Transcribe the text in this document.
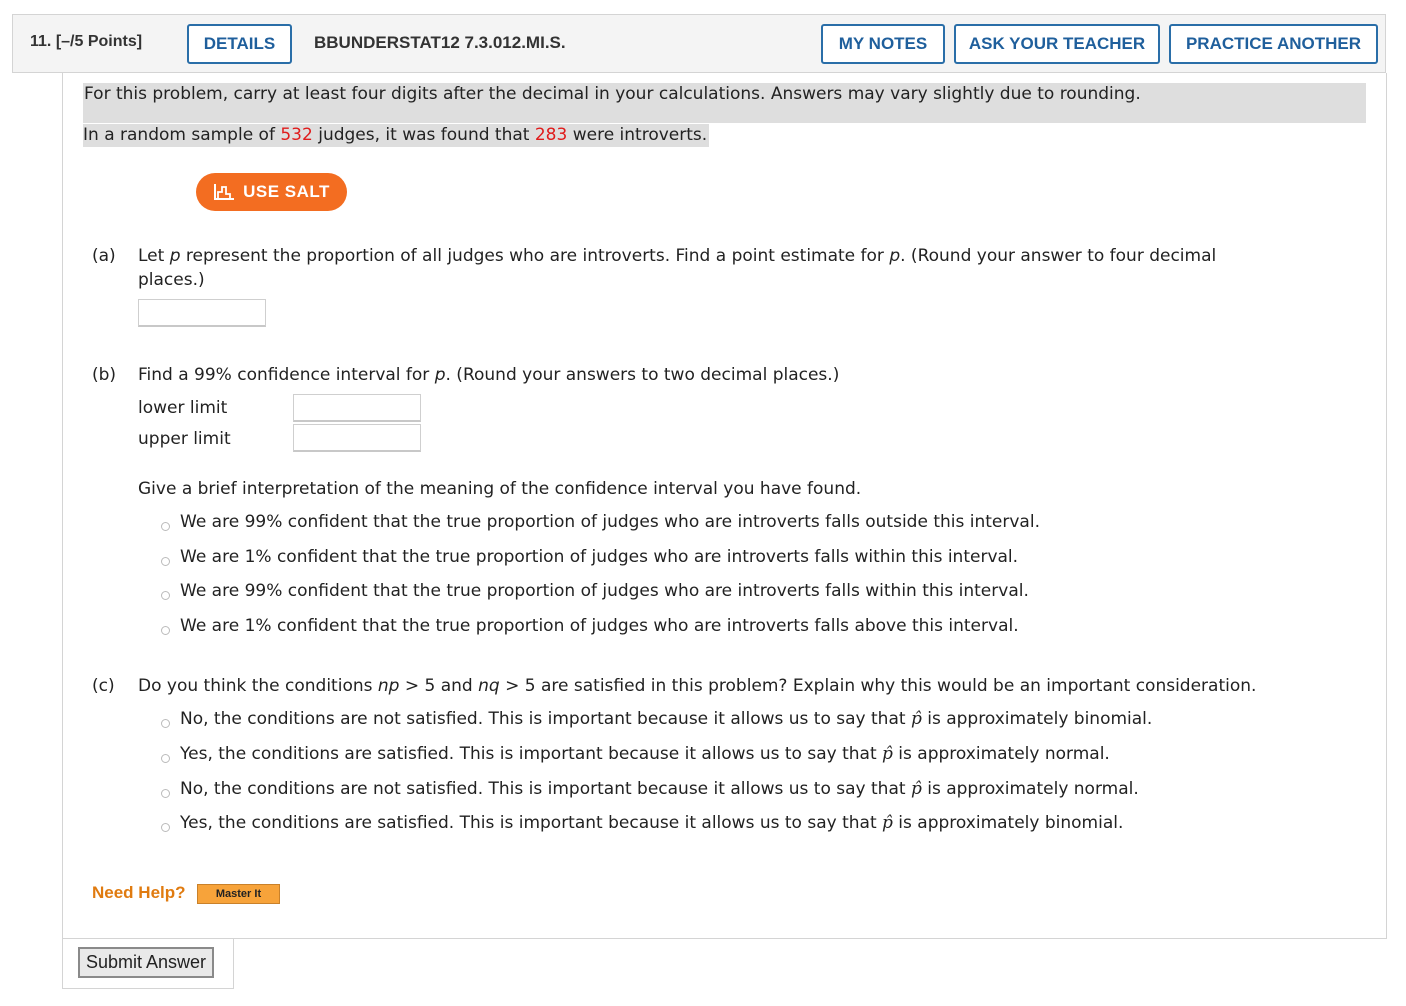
11. [–/5 Points]	DETAILS	BBUNDERSTAT12 7.3.012.MI.S.	MY NOTES	ASK YOUR TEACHER	PRACTICE ANOTHER
For this problem, carry at least four digits after the decimal in your calculations. Answers may vary slightly due to rounding.
In a random sample of 532 judges, it was found that 283 were introverts.
USE SALT
(a) Let p represent the proportion of all judges who are introverts. Find a point estimate for p. (Round your answer to four decimal
places.)
(b) Find a 99% confidence interval for p. (Round your answers to two decimal places.)
lower limit
upper limit
Give a brief interpretation of the meaning of the confidence interval you have found.
We are 99% confident that the true proportion of judges who are introverts falls outside this interval.
We are 1% confident that the true proportion of judges who are introverts falls within this interval.
We are 99% confident that the true proportion of judges who are introverts falls within this interval.
We are 1% confident that the true proportion of judges who are introverts falls above this interval.
(c) Do you think the conditions np > 5 and nq > 5 are satisfied in this problem? Explain why this would be an important consideration.
No, the conditions are not satisfied. This is important because it allows us to say that p̂ is approximately binomial.
Yes, the conditions are satisfied. This is important because it allows us to say that p̂ is approximately normal.
No, the conditions are not satisfied. This is important because it allows us to say that p̂ is approximately normal.
Yes, the conditions are satisfied. This is important because it allows us to say that p̂ is approximately binomial.
Need Help?	Master It
Submit Answer
